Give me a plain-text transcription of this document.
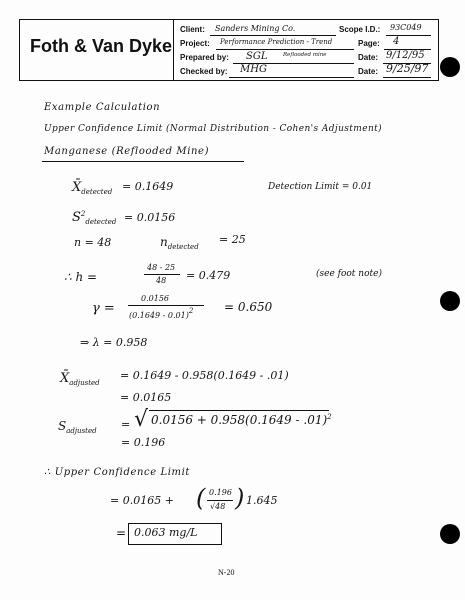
Foth & Van Dyke
Client: Sanders Mining Co.	Scope I.D.: 93C049
Project: Performance Prediction - Trend
Reflooded mine
Page: 4
Prepared by: SGL	Date: 9/12/95
Checked by: MHG	Date: 9/25/97
Example Calculation
Upper Confidence Limit (Normal Distribution - Cohen's Adjustment)
Manganese (Reflooded Mine)
$X̄_{detected} = 0.1649$	Detection Limit = 0.01
$S^2_{detected} = 0.0156$
n = 48	$n_{detected}$
= 25
∴ h =
48 - 25
48 = 0.479	(see foot note)
γ =
0.0156
(0.1649 - 0.01)$^2$	= 0.650
⇒ λ = 0.958
$X̄_{adjusted}$
= 0.1649 - 0.958(0.1649 - .01)
= 0.0165
$S_{adjusted}$ = √ 0.0156 + 0.958(0.1649 - .01)$^2$
= 0.196
∴ Upper Confidence Limit
= 0.0165 + ( 0.196
√48 ) 1.645
= 0.063 mg/L
N-20
